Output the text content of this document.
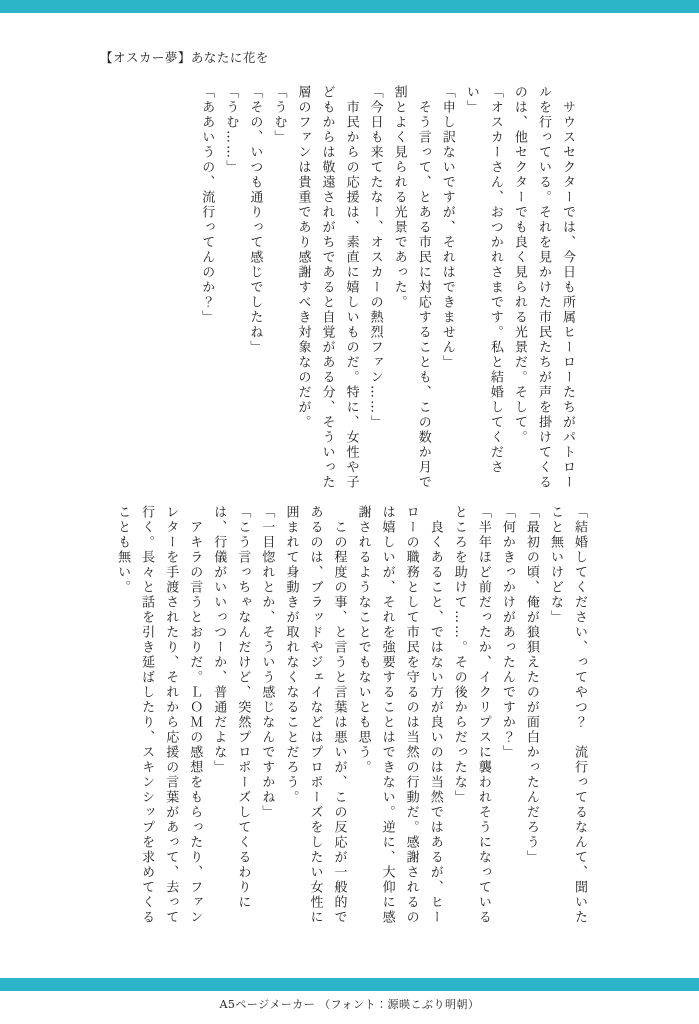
【オスカー夢】あなたに花を

　サウスセクターでは、今日も所属ヒーローたちがパトロールを行っている。それを見かけた市民たちが声を掛けてくるのは、他セクターでも良く見られる光景だ。そして。

「オスカーさん、おつかれさまです。私と結婚してください」

「申し訳ないですが、それはできません」

　そう言って、とある市民に対応することも、この数か月で割とよく見られる光景であった。

「今日も来てたなー、オスカーの熱烈ファン……」

　市民からの応援は、素直に嬉しいものだ。特に、女性や子どもからは敬遠されがちであると自覚がある分、そういった層のファンは貴重であり感謝すべき対象なのだが。

「うむ」

「その、いつも通りって感じでしたね」

「うむ……」

「ああいうの、流行ってんのか？」

「結婚してください、ってやつ？　流行ってるなんて、聞いたこと無いけどな」

「最初の頃、俺が狼狽えたのが面白かったんだろう」

「何かきっかけがあったんですか？」

「半年ほど前だったか、イクリプスに襲われそうになっているところを助けて……。その後からだったな」

　良くあること、ではない方が良いのは当然ではあるが、ヒーローの職務として市民を守るのは当然の行動だ。感謝されるのは嬉しいが、それを強要することはできない。逆に、大仰に感謝されるようなことでもないとも思う。

　この程度の事、と言うと言葉は悪いが、この反応が一般的であるのは、ブラッドやジェイなどはプロポーズをしたい女性に囲まれて身動きが取れなくなることだろう。

「一目惚れとか、そういう感じなんですかね」

「こう言っちゃなんだけど、突然プロポーズしてくるわりには、行儀がいいっつーか、普通だよな」

　アキラの言うとおりだ。ＬＯＭの感想をもらったり、ファンレターを手渡されたり、それから応援の言葉があって、去って行く。長々と話を引き延ばしたり、スキンシップを求めてくることも無い。

A5ページメーカー （フォント：源暎こぶり明朝）
